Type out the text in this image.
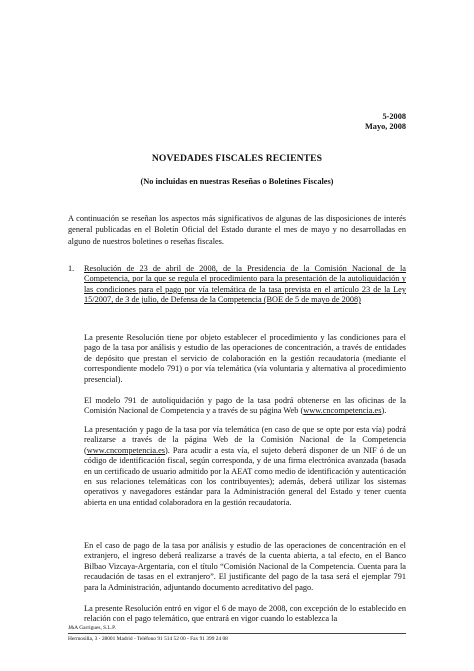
5-2008
Mayo, 2008
NOVEDADES FISCALES RECIENTES
(No incluidas en nuestras Reseñas o Boletines Fiscales)
A continuación se reseñan los aspectos más significativos de algunas de las disposiciones de interés general publicadas en el Boletín Oficial del Estado durante el mes de mayo y no desarrolladas en alguno de nuestros boletines o reseñas fiscales.
1. Resolución de 23 de abril de 2008, de la Presidencia de la Comisión Nacional de la Competencia, por la que se regula el procedimiento para la presentación de la autoliquidación y las condiciones para el pago por vía telemática de la tasa prevista en el artículo 23 de la Ley 15/2007, de 3 de julio, de Defensa de la Competencia (BOE de 5 de mayo de 2008)
La presente Resolución tiene por objeto establecer el procedimiento y las condiciones para el pago de la tasa por análisis y estudio de las operaciones de concentración, a través de entidades de depósito que prestan el servicio de colaboración en la gestión recaudatoria (mediante el correspondiente modelo 791) o por vía telemática (vía voluntaria y alternativa al procedimiento presencial).
El modelo 791 de autoliquidación y pago de la tasa podrá obtenerse en las oficinas de la Comisión Nacional de Competencia y a través de su página Web (www.cncompetencia.es).
La presentación y pago de la tasa por vía telemática (en caso de que se opte por esta vía) podrá realizarse a través de la página Web de la Comisión Nacional de la Competencia (www.cncompetencia.es). Para acudir a esta vía, el sujeto deberá disponer de un NIF ó de un código de identificación fiscal, según corresponda, y de una firma electrónica avanzada (basada en un certificado de usuario admitido por la AEAT como medio de identificación y autenticación en sus relaciones telemáticas con los contribuyentes); además, deberá utilizar los sistemas operativos y navegadores estándar para la Administración general del Estado y tener cuenta abierta en una entidad colaboradora en la gestión recaudatoria.
En el caso de pago de la tasa por análisis y estudio de las operaciones de concentración en el extranjero, el ingreso deberá realizarse a través de la cuenta abierta, a tal efecto, en el Banco Bilbao Vizcaya-Argentaria, con el título “Comisión Nacional de la Competencia. Cuenta para la recaudación de tasas en el extranjero”. El justificante del pago de la tasa será el ejemplar 791 para la Administración, adjuntando documento acreditativo del pago.
La presente Resolución entró en vigor el 6 de mayo de 2008, con excepción de lo establecido en relación con el pago telemático, que entrará en vigor cuando lo establezca la
J&A Garrigues, S.L.P.
Hermosilla, 3 - 28001 Madrid - Teléfono 91 514 52 00 - Fax 91 399 24 08
